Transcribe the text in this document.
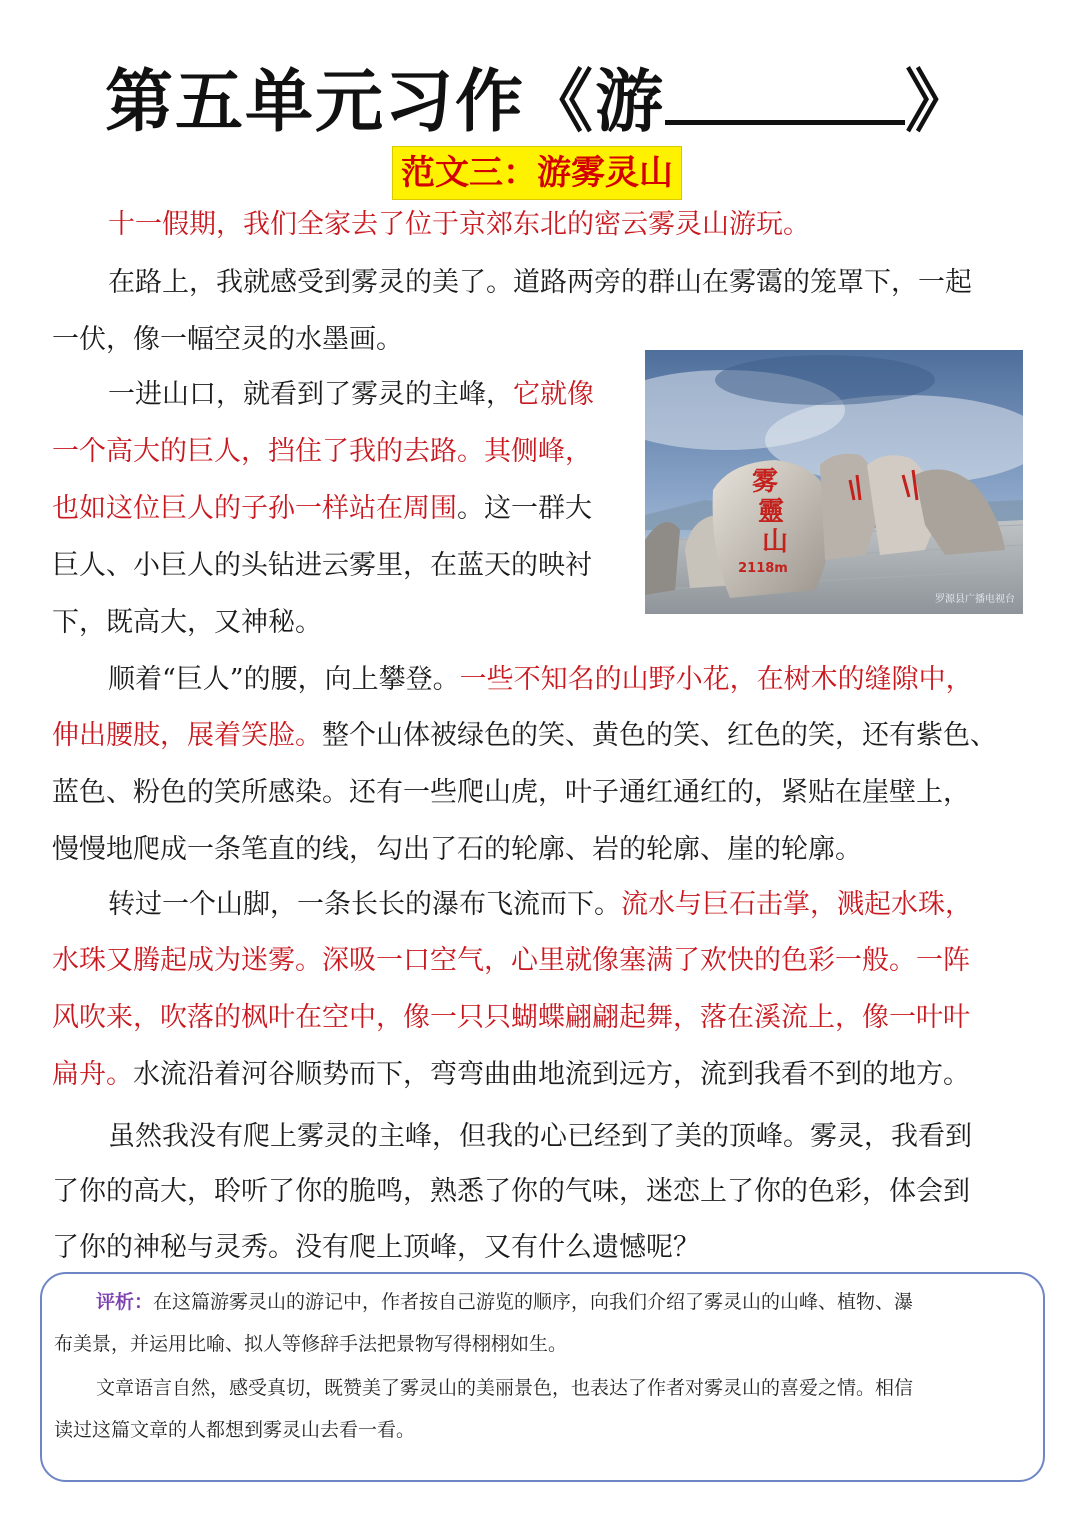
第五单元习作《游	》
范文三：游雾灵山
十一假期，我们全家去了位于京郊东北的密云雾灵山游玩。
在路上，我就感受到雾灵的美了。道路两旁的群山在雾霭的笼罩下，一起
一伏，像一幅空灵的水墨画。
一进山口，就看到了雾灵的主峰，它就像
一个高大的巨人，挡住了我的去路。其侧峰，
也如这位巨人的子孙一样站在周围。这一群大
巨人、小巨人的头钻进云雾里，在蓝天的映衬
下，既高大，又神秘。
雾
靈
山
2118m
罗源县广播电视台
顺着“巨人”的腰，向上攀登。一些不知名的山野小花，在树木的缝隙中，
伸出腰肢，展着笑脸。整个山体被绿色的笑、黄色的笑、红色的笑，还有紫色、
蓝色、粉色的笑所感染。还有一些爬山虎，叶子通红通红的，紧贴在崖壁上，
慢慢地爬成一条笔直的线，勾出了石的轮廓、岩的轮廓、崖的轮廓。
转过一个山脚，一条长长的瀑布飞流而下。流水与巨石击掌，溅起水珠，
水珠又腾起成为迷雾。深吸一口空气，心里就像塞满了欢快的色彩一般。一阵
风吹来，吹落的枫叶在空中，像一只只蝴蝶翩翩起舞，落在溪流上，像一叶叶
扁舟。水流沿着河谷顺势而下，弯弯曲曲地流到远方，流到我看不到的地方。
虽然我没有爬上雾灵的主峰，但我的心已经到了美的顶峰。雾灵，我看到
了你的高大，聆听了你的脆鸣，熟悉了你的气味，迷恋上了你的色彩，体会到
了你的神秘与灵秀。没有爬上顶峰，又有什么遗憾呢？
评析：在这篇游雾灵山的游记中，作者按自己游览的顺序，向我们介绍了雾灵山的山峰、植物、瀑
布美景，并运用比喻、拟人等修辞手法把景物写得栩栩如生。
文章语言自然，感受真切，既赞美了雾灵山的美丽景色，也表达了作者对雾灵山的喜爱之情。相信
读过这篇文章的人都想到雾灵山去看一看。
